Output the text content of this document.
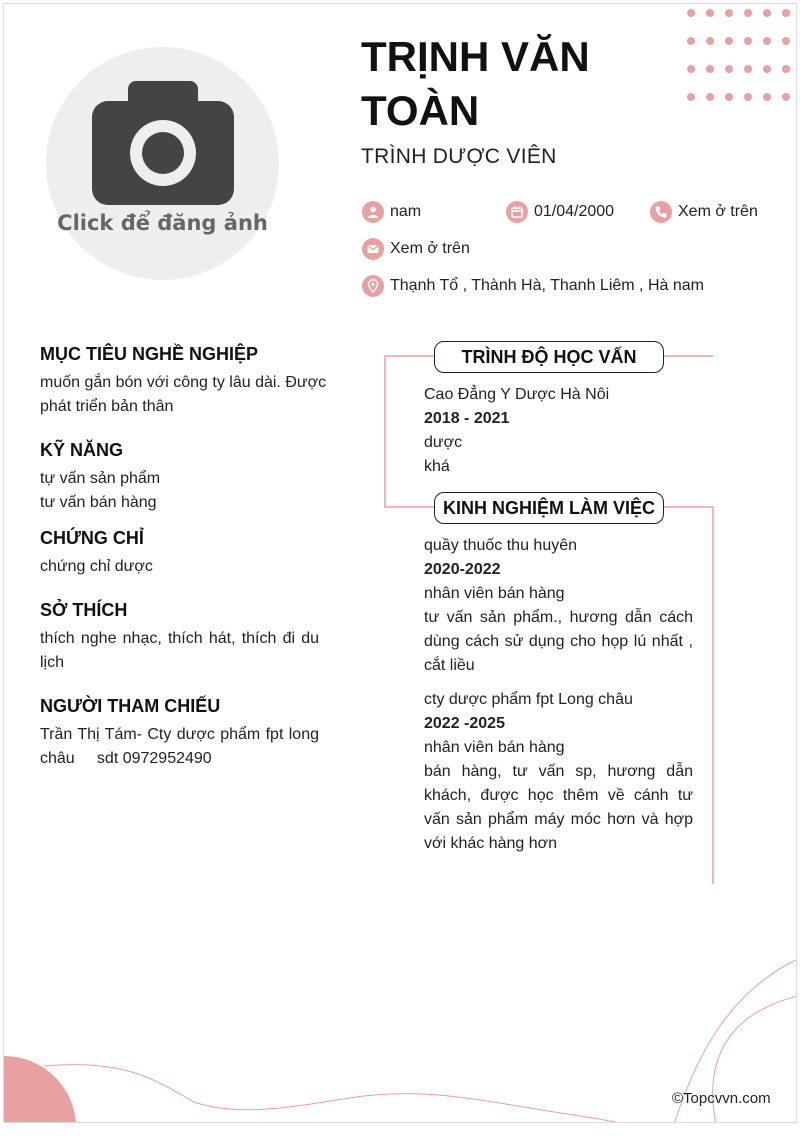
Click để đăng ảnh
TRỊNH VĂN TOÀN
TRÌNH DƯỢC VIÊN
nam	01/04/2000	Xem ở trên
Xem ở trên
Thạnh Tổ , Thành Hà, Thanh Liêm , Hà nam
MỤC TIÊU NGHỀ NGHIỆP
muốn gắn bón với công ty lâu dài. Được phát triển bản thân
KỸ NĂNG
tự vấn sản phẩm
tư vấn bán hàng
CHỨNG CHỈ
chứng chỉ dược
SỞ THÍCH
thích nghe nhạc, thích hát, thích đi du lịch
NGƯỜI THAM CHIẾU
Trần Thị Tám- Cty dược phẩm fpt long châu     sdt 0972952490
TRÌNH ĐỘ HỌC VẤN
Cao Đẳng Y Dược Hà Nôi
2018 - 2021
dược
khá
KINH NGHIỆM LÀM VIỆC
quầy thuốc thu huyên
2020-2022
nhân viên bán hàng
tư vấn sản phẩm., hương dẫn cách dùng cách sử dụng cho họp lú nhất , cắt liều
cty dược phẩm fpt Long châu
2022 -2025
nhân viên bán hàng
bán hàng, tư vấn sp, hương dẫn khách, được học thêm về cánh tư vấn sản phẩm máy móc hơn và hợp với khác hàng hơn
©Topcvvn.com
